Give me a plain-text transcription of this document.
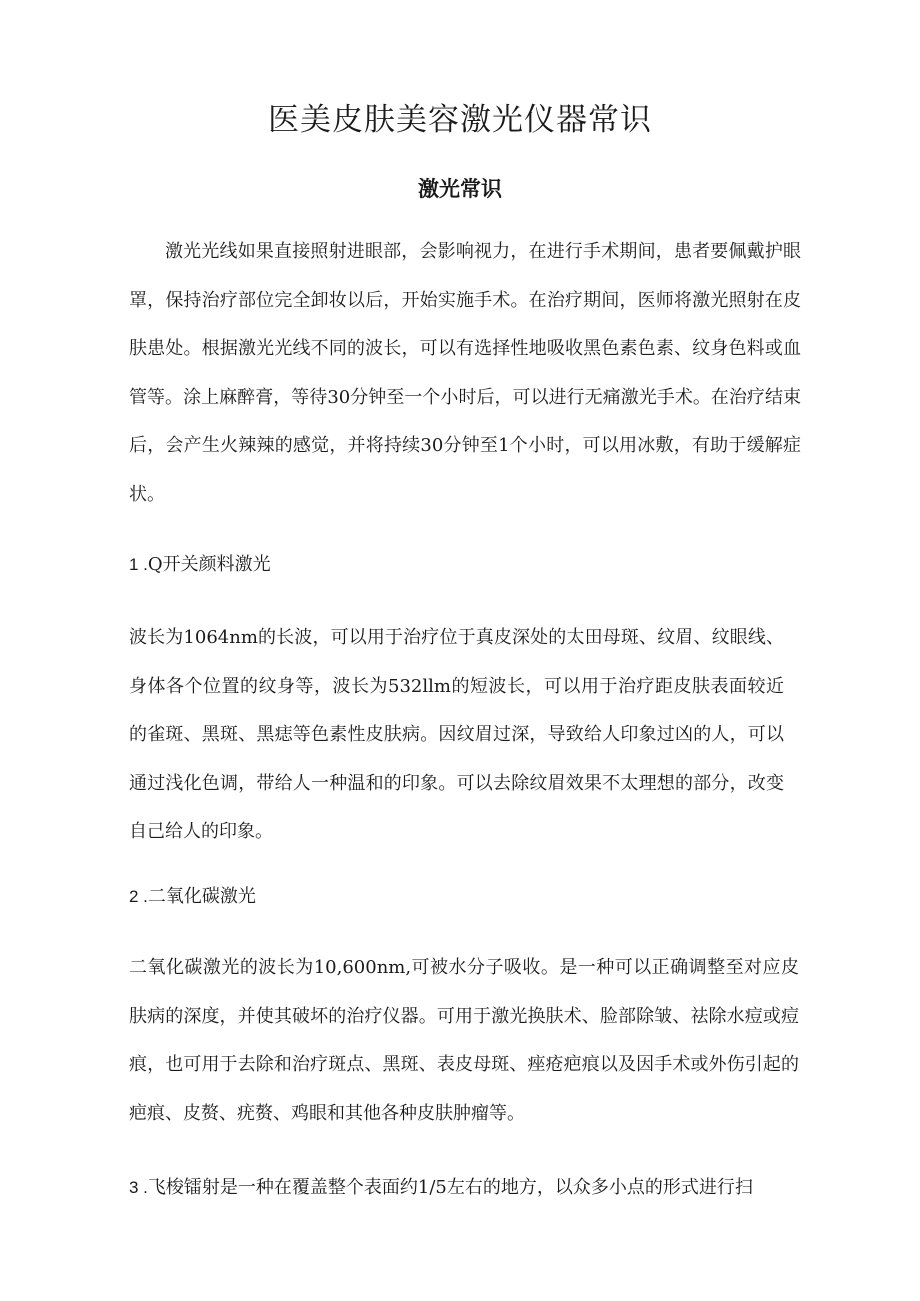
医美皮肤美容激光仪器常识
激光常识

激光光线如果直接照射进眼部，会影响视力，在进行手术期间，患者要佩戴护眼罩，保持治疗部位完全卸妆以后，开始实施手术。在治疗期间，医师将激光照射在皮肤患处。根据激光光线不同的波长，可以有选择性地吸收黑色素色素、纹身色料或血管等。涂上麻醉膏，等待30分钟至一个小时后，可以进行无痛激光手术。在治疗结束后，会产生火辣辣的感觉，并将持续30分钟至1个小时，可以用冰敷，有助于缓解症状。

1 .Q开关颜料激光

波长为1064nm的长波，可以用于治疗位于真皮深处的太田母斑、纹眉、纹眼线、身体各个位置的纹身等，波长为532llm的短波长，可以用于治疗距皮肤表面较近的雀斑、黑斑、黑痣等色素性皮肤病。因纹眉过深，导致给人印象过凶的人，可以通过浅化色调，带给人一种温和的印象。可以去除纹眉效果不太理想的部分，改变自己给人的印象。

2 .二氧化碳激光

二氧化碳激光的波长为10,600nm,可被水分子吸收。是一种可以正确调整至对应皮肤病的深度，并使其破坏的治疗仪器。可用于激光换肤术、脸部除皱、祛除水痘或痘痕，也可用于去除和治疗斑点、黑斑、表皮母斑、痤疮疤痕以及因手术或外伤引起的疤痕、皮赘、疣赘、鸡眼和其他各种皮肤肿瘤等。

3 .飞梭镭射是一种在覆盖整个表面约1/5左右的地方，以众多小点的形式进行扫
